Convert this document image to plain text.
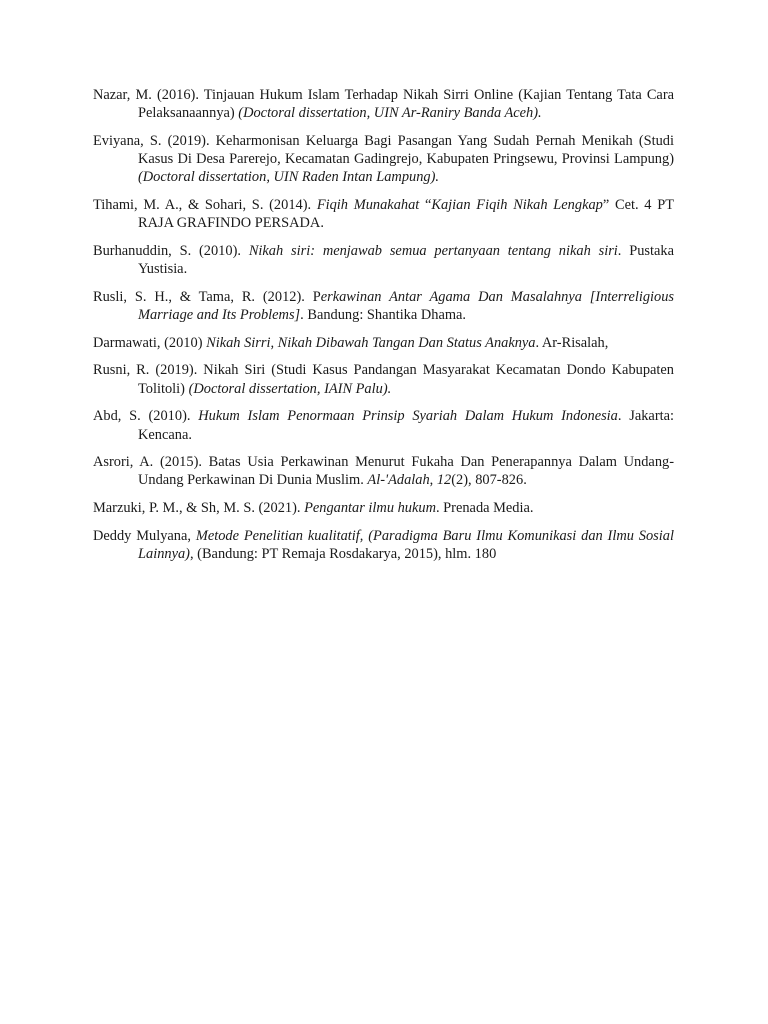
Nazar, M. (2016). Tinjauan Hukum Islam Terhadap Nikah Sirri Online (Kajian Tentang Tata Cara Pelaksanaannya) (Doctoral dissertation, UIN Ar-Raniry Banda Aceh).

Eviyana, S. (2019). Keharmonisan Keluarga Bagi Pasangan Yang Sudah Pernah Menikah (Studi Kasus Di Desa Parerejo, Kecamatan Gadingrejo, Kabupaten Pringsewu, Provinsi Lampung) (Doctoral dissertation, UIN Raden Intan Lampung).

Tihami, M. A., & Sohari, S. (2014). Fiqih Munakahat “Kajian Fiqih Nikah Lengkap” Cet. 4 PT RAJA GRAFINDO PERSADA.

Burhanuddin, S. (2010). Nikah siri: menjawab semua pertanyaan tentang nikah siri. Pustaka Yustisia.

Rusli, S. H., & Tama, R. (2012). Perkawinan Antar Agama Dan Masalahnya [Interreligious Marriage and Its Problems]. Bandung: Shantika Dhama.

Darmawati, (2010) Nikah Sirri, Nikah Dibawah Tangan Dan Status Anaknya. Ar-Risalah,

Rusni, R. (2019). Nikah Siri (Studi Kasus Pandangan Masyarakat Kecamatan Dondo Kabupaten Tolitoli) (Doctoral dissertation, IAIN Palu).

Abd, S. (2010). Hukum Islam Penormaan Prinsip Syariah Dalam Hukum Indonesia. Jakarta: Kencana.

Asrori, A. (2015). Batas Usia Perkawinan Menurut Fukaha Dan Penerapannya Dalam Undang-Undang Perkawinan Di Dunia Muslim. Al-'Adalah, 12(2), 807-826.

Marzuki, P. M., & Sh, M. S. (2021). Pengantar ilmu hukum. Prenada Media.

Deddy Mulyana, Metode Penelitian kualitatif, (Paradigma Baru Ilmu Komunikasi dan Ilmu Sosial Lainnya), (Bandung: PT Remaja Rosdakarya, 2015), hlm. 180
